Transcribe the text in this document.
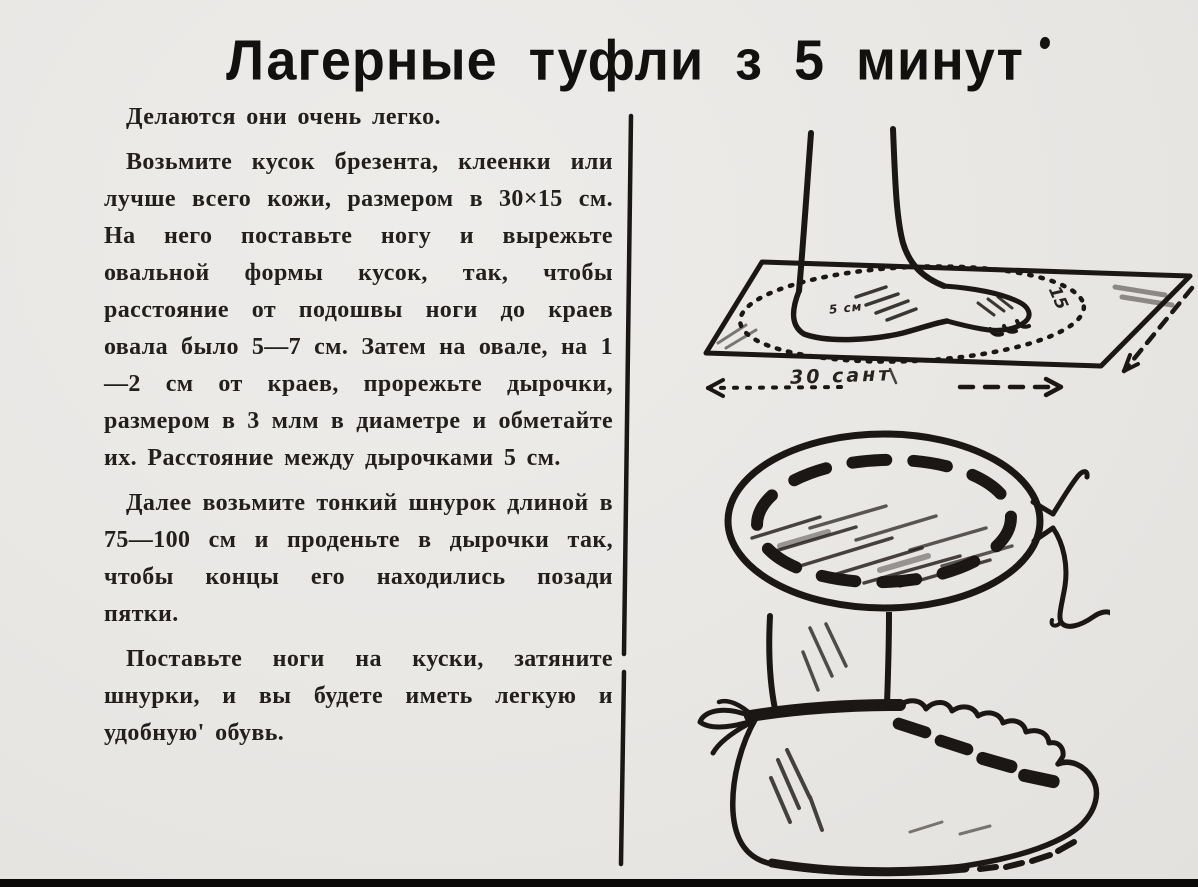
Лагерные туфли з 5 минут

Делаются они очень легко.

Возьмите кусок брезента, клеенки или лучше всего кожи, размером в 30×15 см. На него поставьте ногу и вырежьте овальной формы кусок, так, чтобы расстояние от подошвы ноги до краев овала было 5—7 см. Затем на овале, на 1—2 см от краев, прорежьте дырочки, размером в 3 млм в диаметре и обметайте их. Расстояние между дырочками 5 см.

Далее возьмите тонкий шнурок длиной в 75—100 см и проденьте в дырочки так, чтобы концы его находились позади пятки.

Поставьте ноги на куски, затяните шнурки, и вы будете иметь легкую и удобную' обувь.

30 сант
15
5 см
